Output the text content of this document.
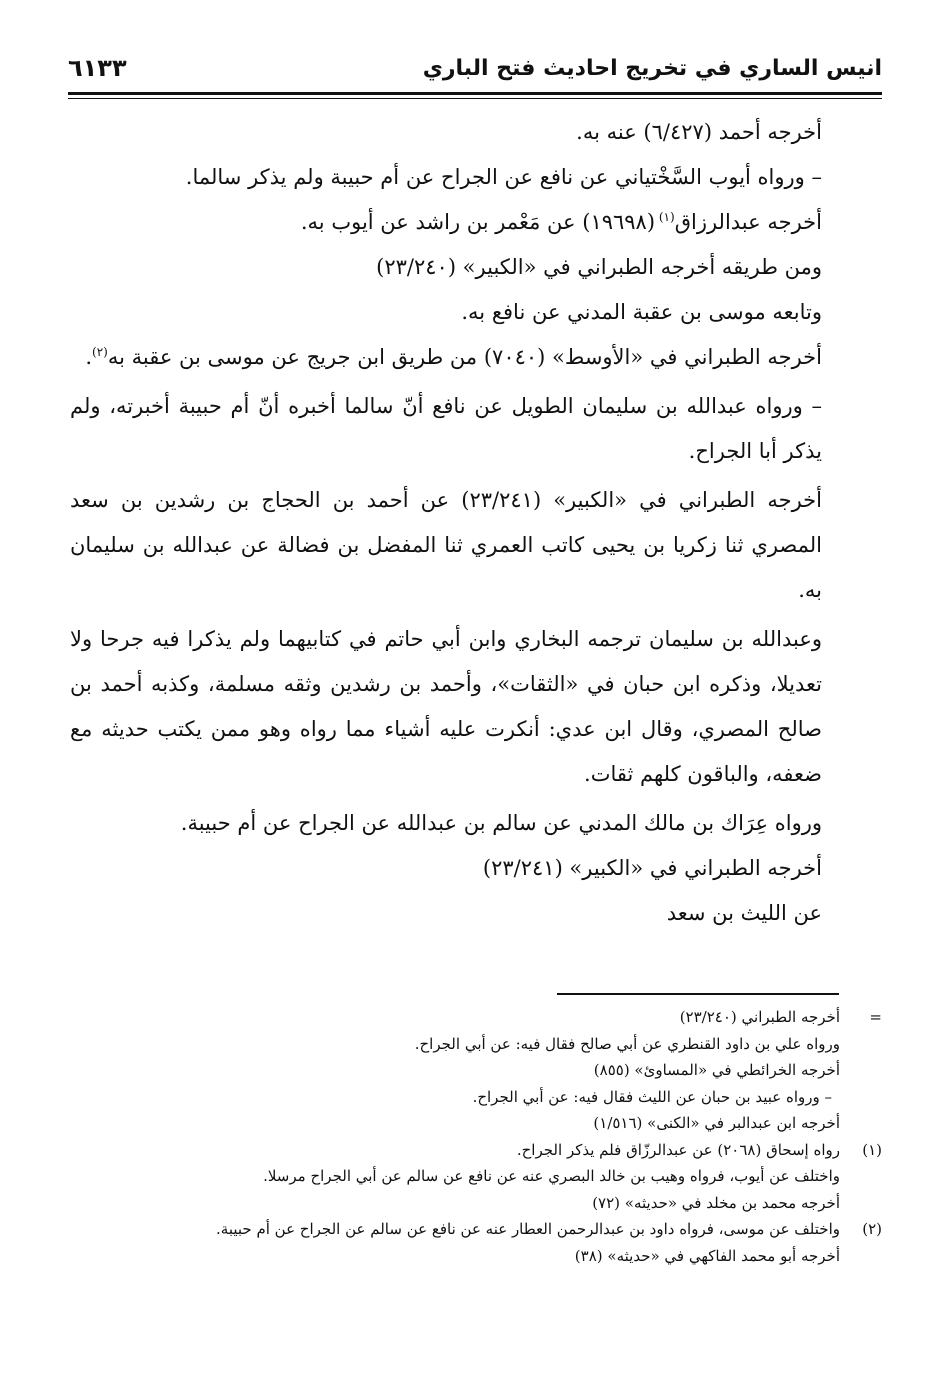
انيس الساري في تخريج احاديث فتح الباري
٦١٣٣

أخرجه أحمد (٦/٤٢٧) عنه به.

– ورواه أيوب السَّخْتياني عن نافع عن الجراح عن أم حبيبة ولم يذكر سالما.

أخرجه عبدالرزاق$^{(١)}$ (١٩٦٩٨) عن مَعْمر بن راشد عن أيوب به.

ومن طريقه أخرجه الطبراني في «الكبير» (٢٣/٢٤٠)

وتابعه موسى بن عقبة المدني عن نافع به.

أخرجه الطبراني في «الأوسط» (٧٠٤٠) من طريق ابن جريج عن موسى بن عقبة به$^{(٢)}$.

– ورواه عبدالله بن سليمان الطويل عن نافع أنّ سالما أخبره أنّ أم حبيبة أخبرته، ولم يذكر أبا الجراح.

أخرجه الطبراني في «الكبير» (٢٣/٢٤١) عن أحمد بن الحجاج بن رشدين بن سعد المصري ثنا زكريا بن يحيى كاتب العمري ثنا المفضل بن فضالة عن عبدالله بن سليمان به.

وعبدالله بن سليمان ترجمه البخاري وابن أبي حاتم في كتابيهما ولم يذكرا فيه جرحا ولا تعديلا، وذكره ابن حبان في «الثقات»، وأحمد بن رشدين وثقه مسلمة، وكذبه أحمد بن صالح المصري، وقال ابن عدي: أنكرت عليه أشياء مما رواه وهو ممن يكتب حديثه مع ضعفه، والباقون كلهم ثقات.

ورواه عِرَاك بن مالك المدني عن سالم بن عبدالله عن الجراح عن أم حبيبة.

أخرجه الطبراني في «الكبير» (٢٣/٢٤١)

عن الليث بن سعد

=

أخرجه الطبراني (٢٣/٢٤٠)

ورواه علي بن داود القنطري عن أبي صالح فقال فيه: عن أبي الجراح.

أخرجه الخرائطي في «المساوئ» (٨٥٥)

– ورواه عبيد بن حبان عن الليث فقال فيه: عن أبي الجراح.

أخرجه ابن عبدالبر في «الكنى» (١/٥١٦)

(١)

رواه إسحاق (٢٠٦٨) عن عبدالرزّاق فلم يذكر الجراح.

واختلف عن أيوب، فرواه وهيب بن خالد البصري عنه عن نافع عن سالم عن أبي الجراح مرسلا.

أخرجه محمد بن مخلد في «حديثه» (٧٢)

(٢)

واختلف عن موسى، فرواه داود بن عبدالرحمن العطار عنه عن نافع عن سالم عن الجراح عن أم حبيبة.

أخرجه أبو محمد الفاكهي في «حديثه» (٣٨)
